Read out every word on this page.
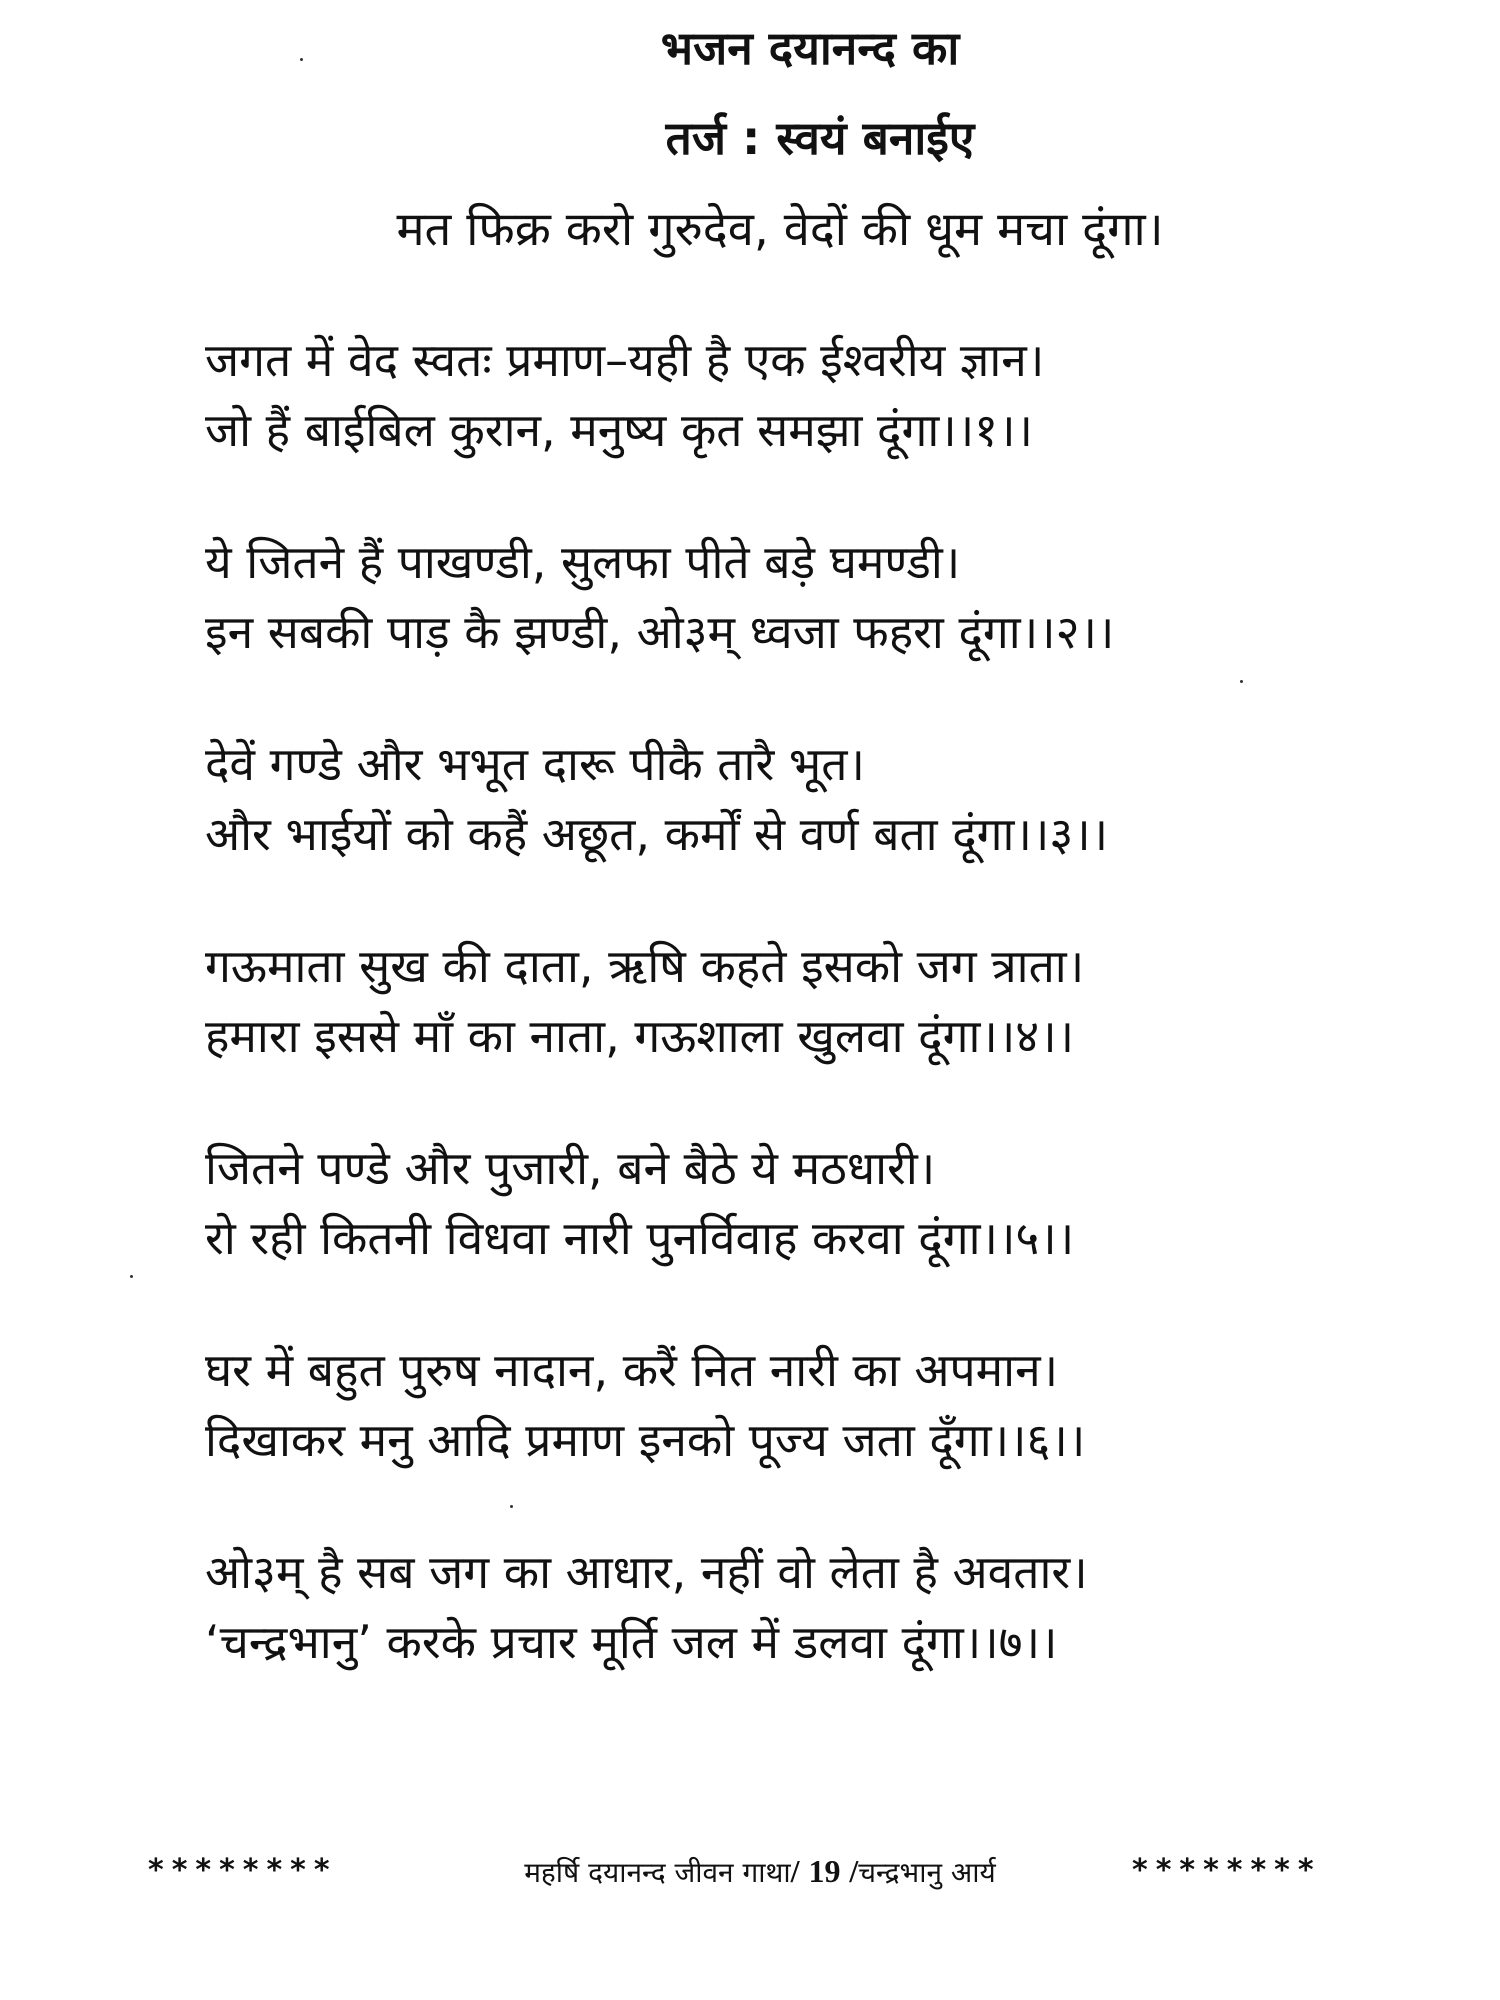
भजन दयानन्द का
तर्ज : स्वयं बनाईए
मत फिक्र करो गुरुदेव, वेदों की धूम मचा दूंगा।
जगत में वेद स्वतः प्रमाण–यही है एक ईश्वरीय ज्ञान।
जो हैं बाईबिल कुरान, मनुष्य कृत समझा दूंगा।।१।।
ये जितने हैं पाखण्डी, सुलफा पीते बड़े घमण्डी।
इन सबकी पाड़ कै झण्डी, ओ३म् ध्वजा फहरा दूंगा।।२।।
देवें गण्डे और भभूत दारू पीकै तारै भूत।
और भाईयों को कहैं अछूत, कर्मों से वर्ण बता दूंगा।।३।।
गऊमाता सुख की दाता, ऋषि कहते इसको जग त्राता।
हमारा इससे माँ का नाता, गऊशाला खुलवा दूंगा।।४।।
जितने पण्डे और पुजारी, बने बैठे ये मठधारी।
रो रही कितनी विधवा नारी पुनर्विवाह करवा दूंगा।।५।।
घर में बहुत पुरुष नादान, करैं नित नारी का अपमान।
दिखाकर मनु आदि प्रमाण इनको पूज्य जता दूँगा।।६।।
ओ३म् है सब जग का आधार, नहीं वो लेता है अवतार।
‘चन्द्रभानु’ करके प्रचार मूर्ति जल में डलवा दूंगा।।७।।
********	महर्षि दयानन्द जीवन गाथा/ 19 /चन्द्रभानु आर्य	********
